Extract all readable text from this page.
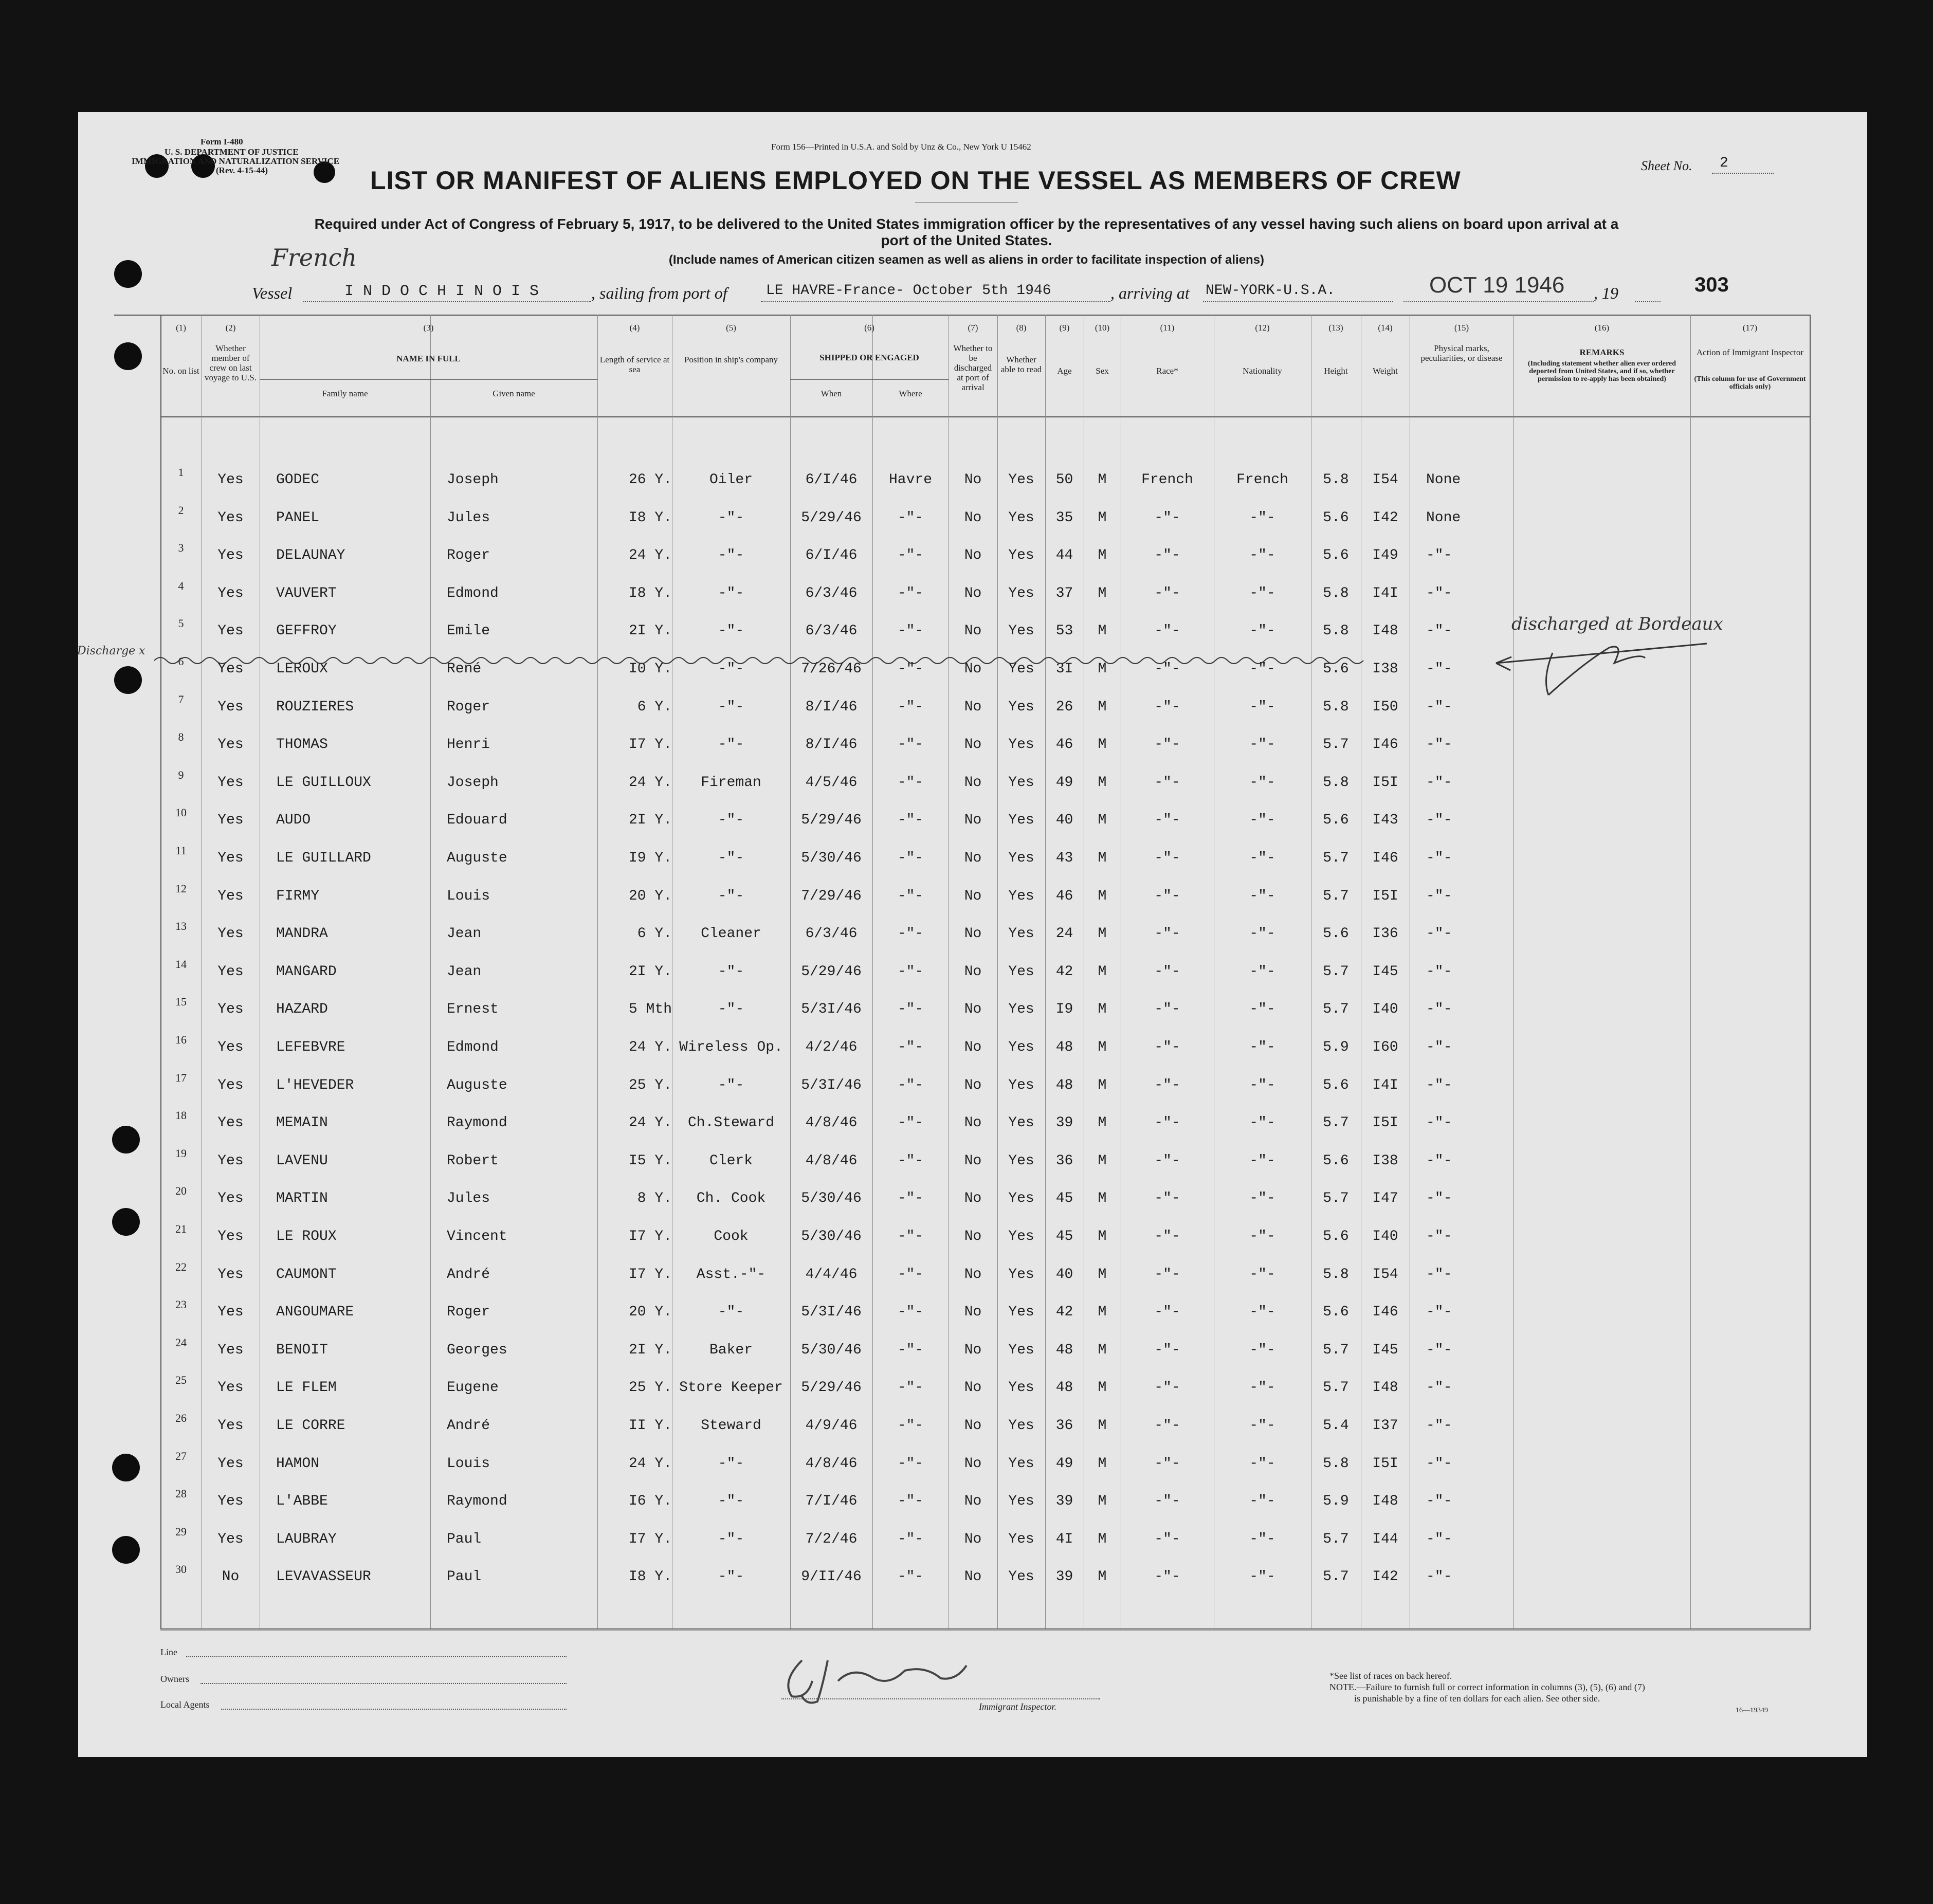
Form I-480
U. S. DEPARTMENT OF JUSTICE
IMMIGRATION AND NATURALIZATION SERVICE
(Rev. 4-15-44)
Form 156—Printed in U.S.A. and Sold by Unz & Co., New York U 15462
Sheet No. 2
LIST OR MANIFEST OF ALIENS EMPLOYED ON THE VESSEL AS MEMBERS OF CREW
Required under Act of Congress of February 5, 1917, to be delivered to the United States immigration officer by the representatives of any vessel having such aliens on board upon arrival at a
port of the United States.
(Include names of American citizen seamen as well as aliens in order to facilitate inspection of aliens)
French
Vessel	I N D O C H I N O I S	, sailing from port of	LE HAVRE-France- October 5th 1946	, arriving at NEW-YORK-U.S.A.	OCT 19 1946 , 19	303
(1)
No. on list
(2)
Whether member of crew on last voyage to U.S.
(3)
NAME IN FULL
Family name	Given name
(4)
Length of service at sea
(5)
Position in ship's company
(6)
SHIPPED OR ENGAGED
When	Where
(7)
Whether to be discharged at port of arrival
(8)
Whether able to read
(9)
Age
(10)
Sex
(11)
Race*
(12)
Nationality
(13)
Height
(14)
Weight
(15)
Physical marks, peculiarities, or disease
(16)
REMARKS
(Including statement whether alien ever ordered deported from United States, and if so, whether permission to re-apply has been obtained)
(17)
Action of Immigrant Inspector
(This column for use of Government officials only)
1	Yes	GODEC	Joseph	26 Y.	Oiler	6/I/46	Havre	No	Yes	50	M	French	French	5.8	I54	None
2	Yes	PANEL	Jules	I8 Y.	-"-	5/29/46	-"-	No	Yes	35	M	-"-	-"-	5.6	I42	None
3	Yes	DELAUNAY	Roger	24 Y.	-"-	6/I/46	-"-	No	Yes	44	M	-"-	-"-	5.6	I49	-"-
4	Yes	VAUVERT	Edmond	I8 Y.	-"-	6/3/46	-"-	No	Yes	37	M	-"-	-"-	5.8	I4I	-"-
5	Yes	GEFFROY	Emile	2I Y.	-"-	6/3/46	-"-	No	Yes	53	M	-"-	-"-	5.8	I48	-"-
6	Yes	LEROUX	René	I0 Y.	-"-	7/26/46	-"-	No	Yes	3I	M	-"-	-"-	5.6	I38	-"-
7	Yes	ROUZIERES	Roger	6 Y.	-"-	8/I/46	-"-	No	Yes	26	M	-"-	-"-	5.8	I50	-"-
8	Yes	THOMAS	Henri	I7 Y.	-"-	8/I/46	-"-	No	Yes	46	M	-"-	-"-	5.7	I46	-"-
9	Yes	LE GUILLOUX	Joseph	24 Y.	Fireman	4/5/46	-"-	No	Yes	49	M	-"-	-"-	5.8	I5I	-"-
10	Yes	AUDO	Edouard	2I Y.	-"-	5/29/46	-"-	No	Yes	40	M	-"-	-"-	5.6	I43	-"-
11	Yes	LE GUILLARD	Auguste	I9 Y.	-"-	5/30/46	-"-	No	Yes	43	M	-"-	-"-	5.7	I46	-"-
12	Yes	FIRMY	Louis	20 Y.	-"-	7/29/46	-"-	No	Yes	46	M	-"-	-"-	5.7	I5I	-"-
13	Yes	MANDRA	Jean	6 Y.	Cleaner	6/3/46	-"-	No	Yes	24	M	-"-	-"-	5.6	I36	-"-
14	Yes	MANGARD	Jean	2I Y.	-"-	5/29/46	-"-	No	Yes	42	M	-"-	-"-	5.7	I45	-"-
15	Yes	HAZARD	Ernest	5 Mth	-"-	5/3I/46	-"-	No	Yes	I9	M	-"-	-"-	5.7	I40	-"-
16	Yes	LEFEBVRE	Edmond	24 Y. Wireless Op.	4/2/46	-"-	No	Yes	48	M	-"-	-"-	5.9	I60	-"-
17	Yes	L'HEVEDER	Auguste	25 Y.	-"-	5/3I/46	-"-	No	Yes	48	M	-"-	-"-	5.6	I4I	-"-
18	Yes	MEMAIN	Raymond	24 Y.	Ch.Steward	4/8/46	-"-	No	Yes	39	M	-"-	-"-	5.7	I5I	-"-
19	Yes	LAVENU	Robert	I5 Y.	Clerk	4/8/46	-"-	No	Yes	36	M	-"-	-"-	5.6	I38	-"-
20	Yes	MARTIN	Jules	8 Y.	Ch. Cook	5/30/46	-"-	No	Yes	45	M	-"-	-"-	5.7	I47	-"-
21	Yes	LE ROUX	Vincent	I7 Y.	Cook	5/30/46	-"-	No	Yes	45	M	-"-	-"-	5.6	I40	-"-
22	Yes	CAUMONT	André	I7 Y.	Asst.-"-	4/4/46	-"-	No	Yes	40	M	-"-	-"-	5.8	I54	-"-
23	Yes	ANGOUMARE	Roger	20 Y.	-"-	5/3I/46	-"-	No	Yes	42	M	-"-	-"-	5.6	I46	-"-
24	Yes	BENOIT	Georges	2I Y.	Baker	5/30/46	-"-	No	Yes	48	M	-"-	-"-	5.7	I45	-"-
25	Yes	LE FLEM	Eugene	25 Y. Store Keeper	5/29/46	-"-	No	Yes	48	M	-"-	-"-	5.7	I48	-"-
26	Yes	LE CORRE	André	II Y.	Steward	4/9/46	-"-	No	Yes	36	M	-"-	-"-	5.4	I37	-"-
27	Yes	HAMON	Louis	24 Y.	-"-	4/8/46	-"-	No	Yes	49	M	-"-	-"-	5.8	I5I	-"-
28	Yes	L'ABBE	Raymond	I6 Y.	-"-	7/I/46	-"-	No	Yes	39	M	-"-	-"-	5.9	I48	-"-
29	Yes	LAUBRAY	Paul	I7 Y.	-"-	7/2/46	-"-	No	Yes	4I	M	-"-	-"-	5.7	I44	-"-
30	No	LEVAVASSEUR	Paul	I8 Y.	-"-	9/II/46	-"-	No	Yes	39	M	-"-	-"-	5.7	I42	-"-
Discharge x
discharged at Bordeaux
Line
Owners
Local Agents	Immigrant Inspector.
*See list of races on back hereof.
NOTE.—Failure to furnish full or correct information in columns (3), (5), (6) and (7)
is punishable by a fine of ten dollars for each alien. See other side.
16—19349
